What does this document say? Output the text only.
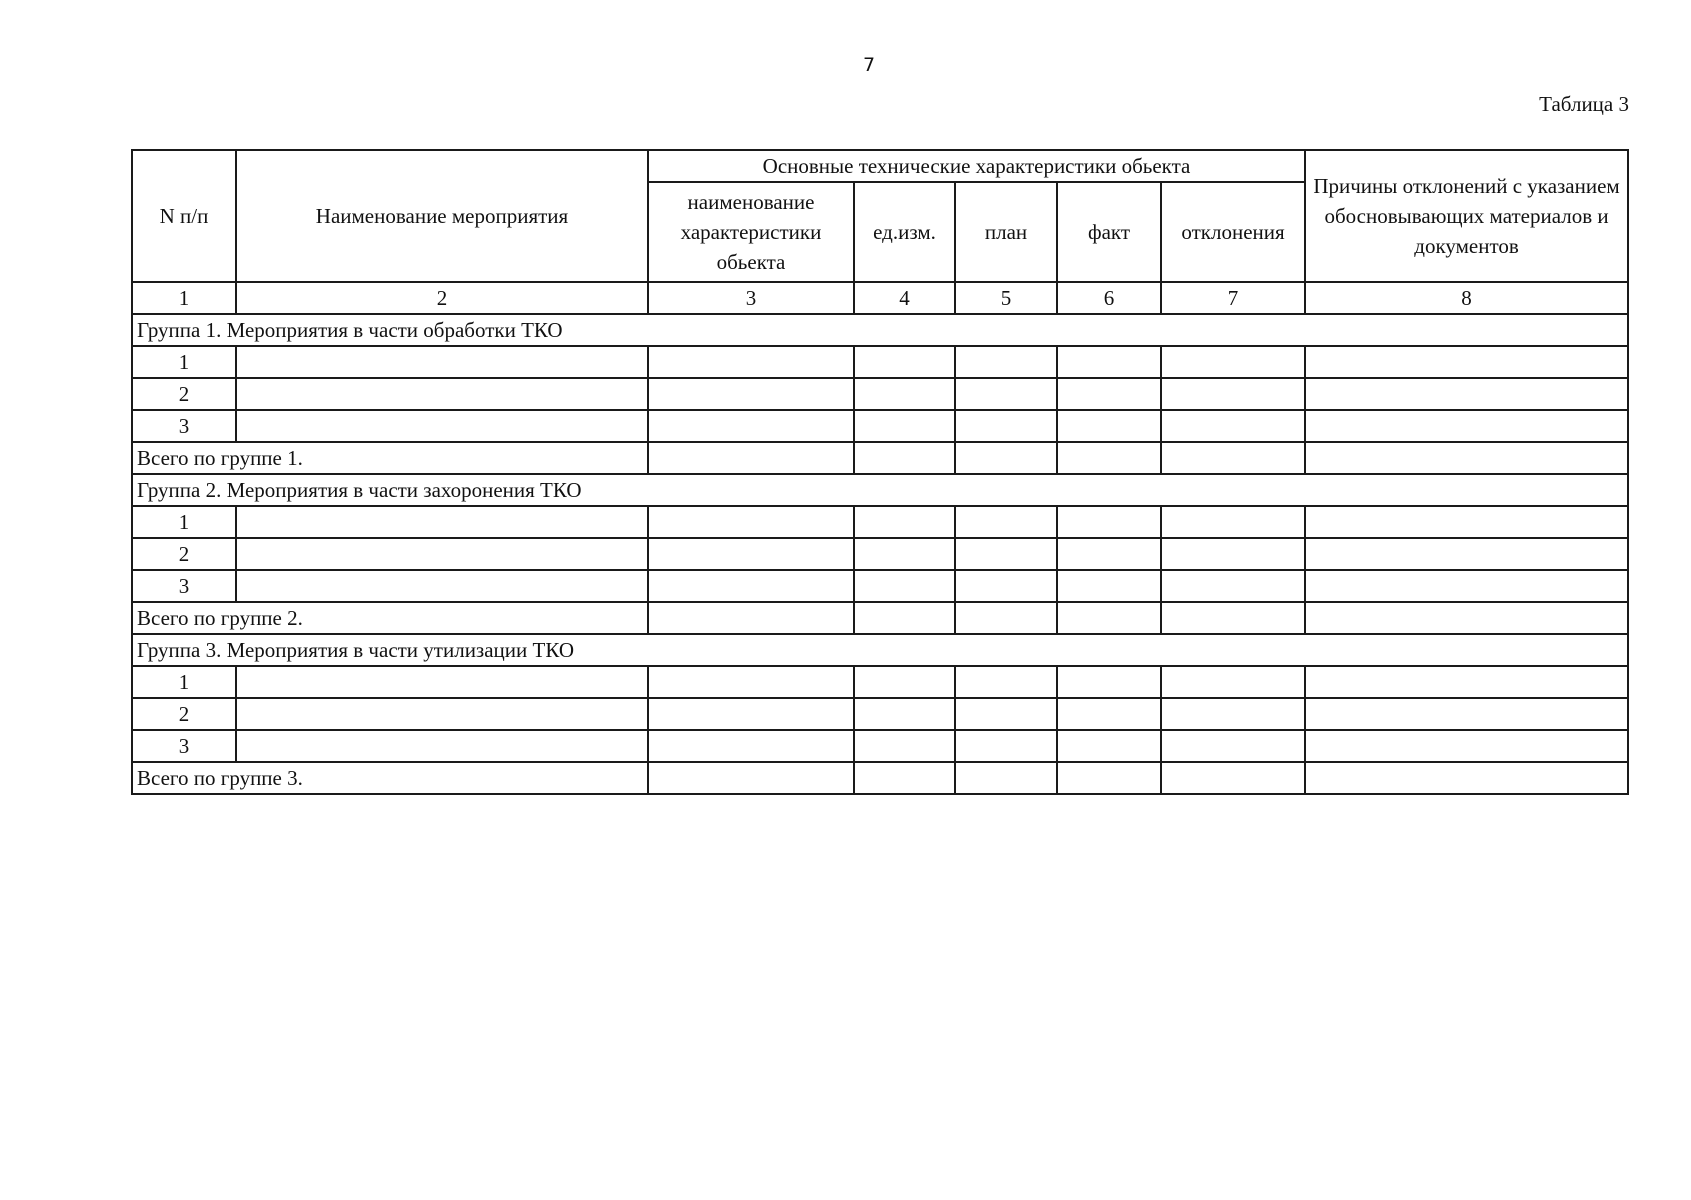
7
Таблица 3
N п/п	Наименование мероприятия	Основные технические характеристики обьекта					Причины отклонений с указанием обосновывающих материалов и документов
		наименование характеристики обьекта	ед.изм.	план	факт	отклонения	
1	2	3	4	5	6	7	8
Группа 1. Мероприятия в части обработки ТКО							
1							
2							
3							
Всего по группе 1.							
Группа 2. Мероприятия в части захоронения ТКО							
1							
2							
3							
Всего по группе 2.							
Группа 3. Мероприятия в части утилизации ТКО							
1							
2							
3							
Всего по группе 3.							
